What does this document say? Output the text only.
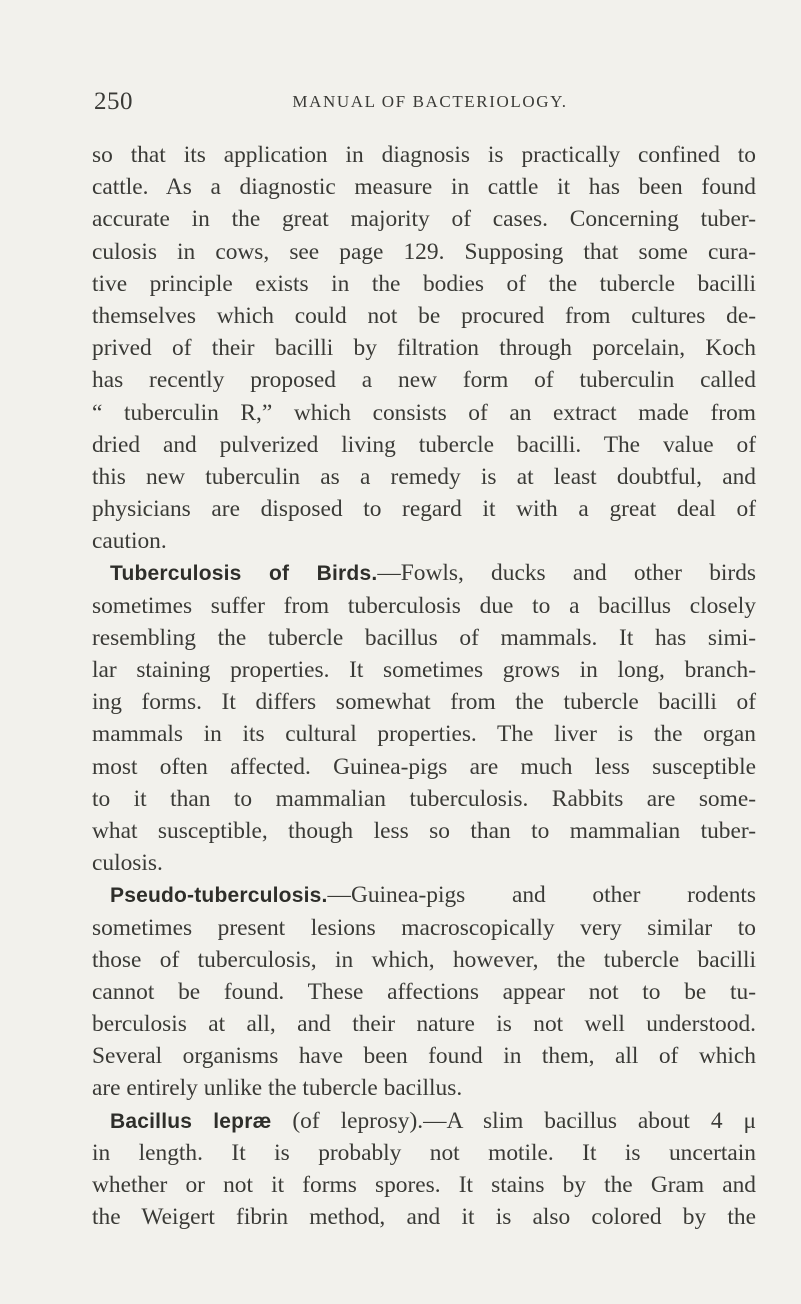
250	MANUAL OF BACTERIOLOGY.
so that its application in diagnosis is practically confined to
cattle. As a diagnostic measure in cattle it has been found
accurate in the great majority of cases. Concerning tuber-
culosis in cows, see page 129. Supposing that some cura-
tive principle exists in the bodies of the tubercle bacilli
themselves which could not be procured from cultures de-
prived of their bacilli by filtration through porcelain, Koch
has recently proposed a new form of tuberculin called
“ tuberculin R,” which consists of an extract made from
dried and pulverized living tubercle bacilli. The value of
this new tuberculin as a remedy is at least doubtful, and
physicians are disposed to regard it with a great deal of
caution.
Tuberculosis of Birds.—Fowls, ducks and other birds
sometimes suffer from tuberculosis due to a bacillus closely
resembling the tubercle bacillus of mammals. It has simi-
lar staining properties. It sometimes grows in long, branch-
ing forms. It differs somewhat from the tubercle bacilli of
mammals in its cultural properties. The liver is the organ
most often affected. Guinea-pigs are much less susceptible
to it than to mammalian tuberculosis. Rabbits are some-
what susceptible, though less so than to mammalian tuber-
culosis.
Pseudo-tuberculosis.—Guinea-pigs and other rodents
sometimes present lesions macroscopically very similar to
those of tuberculosis, in which, however, the tubercle bacilli
cannot be found. These affections appear not to be tu-
berculosis at all, and their nature is not well understood.
Several organisms have been found in them, all of which
are entirely unlike the tubercle bacillus.
Bacillus lepræ (of leprosy).—A slim bacillus about 4 μ
in length. It is probably not motile. It is uncertain
whether or not it forms spores. It stains by the Gram and
the Weigert fibrin method, and it is also colored by the
